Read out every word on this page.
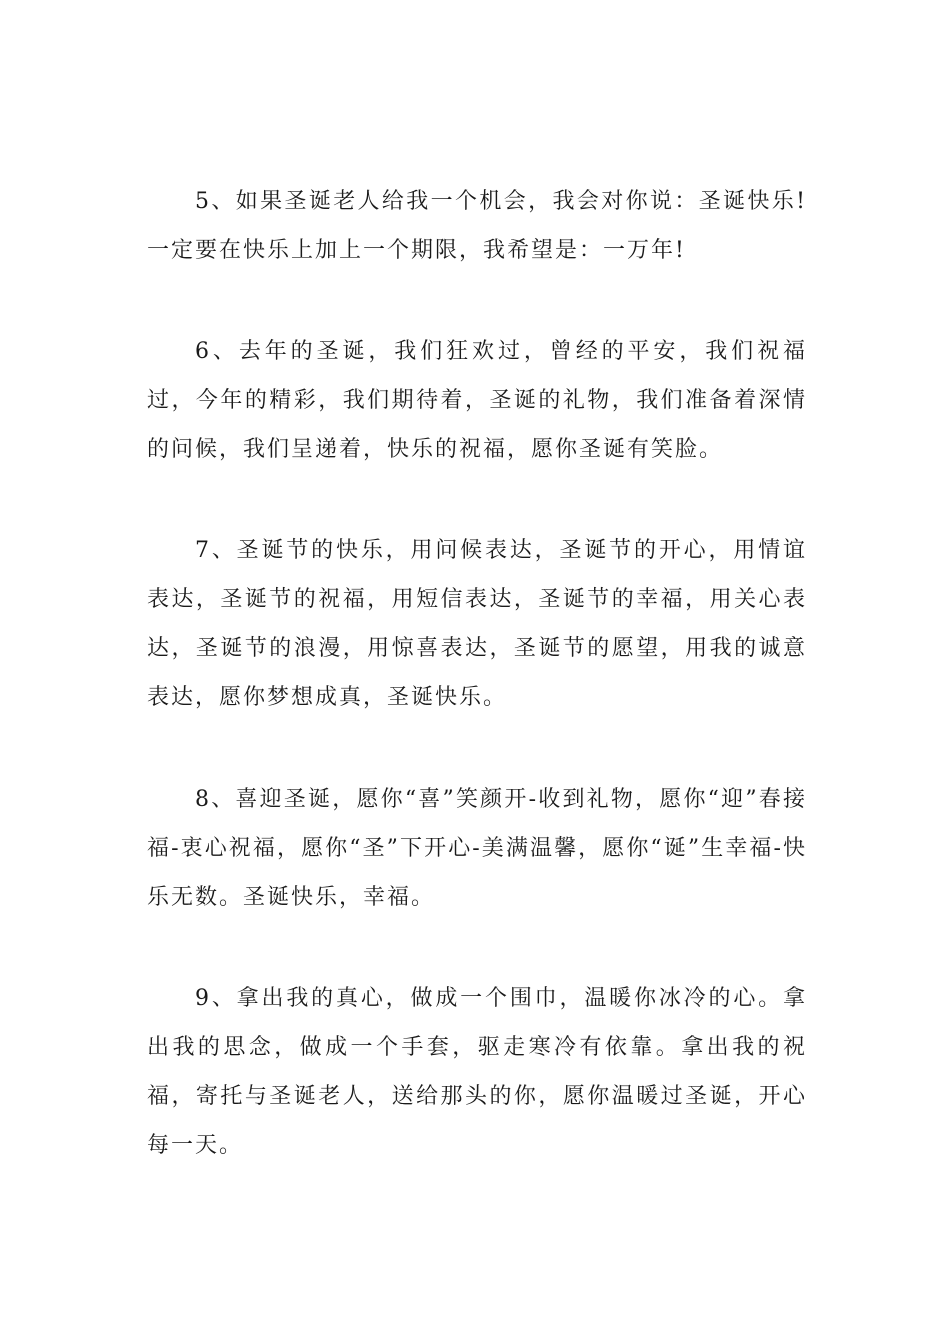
5、如果圣诞老人给我一个机会，我会对你说：圣诞快乐!一定要在快乐上加上一个期限，我希望是：一万年!

6、去年的圣诞，我们狂欢过，曾经的平安，我们祝福过，今年的精彩，我们期待着，圣诞的礼物，我们准备着深情的问候，我们呈递着，快乐的祝福，愿你圣诞有笑脸。

7、圣诞节的快乐，用问候表达，圣诞节的开心，用情谊表达，圣诞节的祝福，用短信表达，圣诞节的幸福，用关心表达，圣诞节的浪漫，用惊喜表达，圣诞节的愿望，用我的诚意表达，愿你梦想成真，圣诞快乐。

8、喜迎圣诞，愿你“喜”笑颜开-收到礼物，愿你“迎”春接福-衷心祝福，愿你“圣”下开心-美满温馨，愿你“诞”生幸福-快乐无数。圣诞快乐，幸福。

9、拿出我的真心，做成一个围巾，温暖你冰冷的心。拿出我的思念，做成一个手套，驱走寒冷有依靠。拿出我的祝福，寄托与圣诞老人，送给那头的你，愿你温暖过圣诞，开心每一天。
